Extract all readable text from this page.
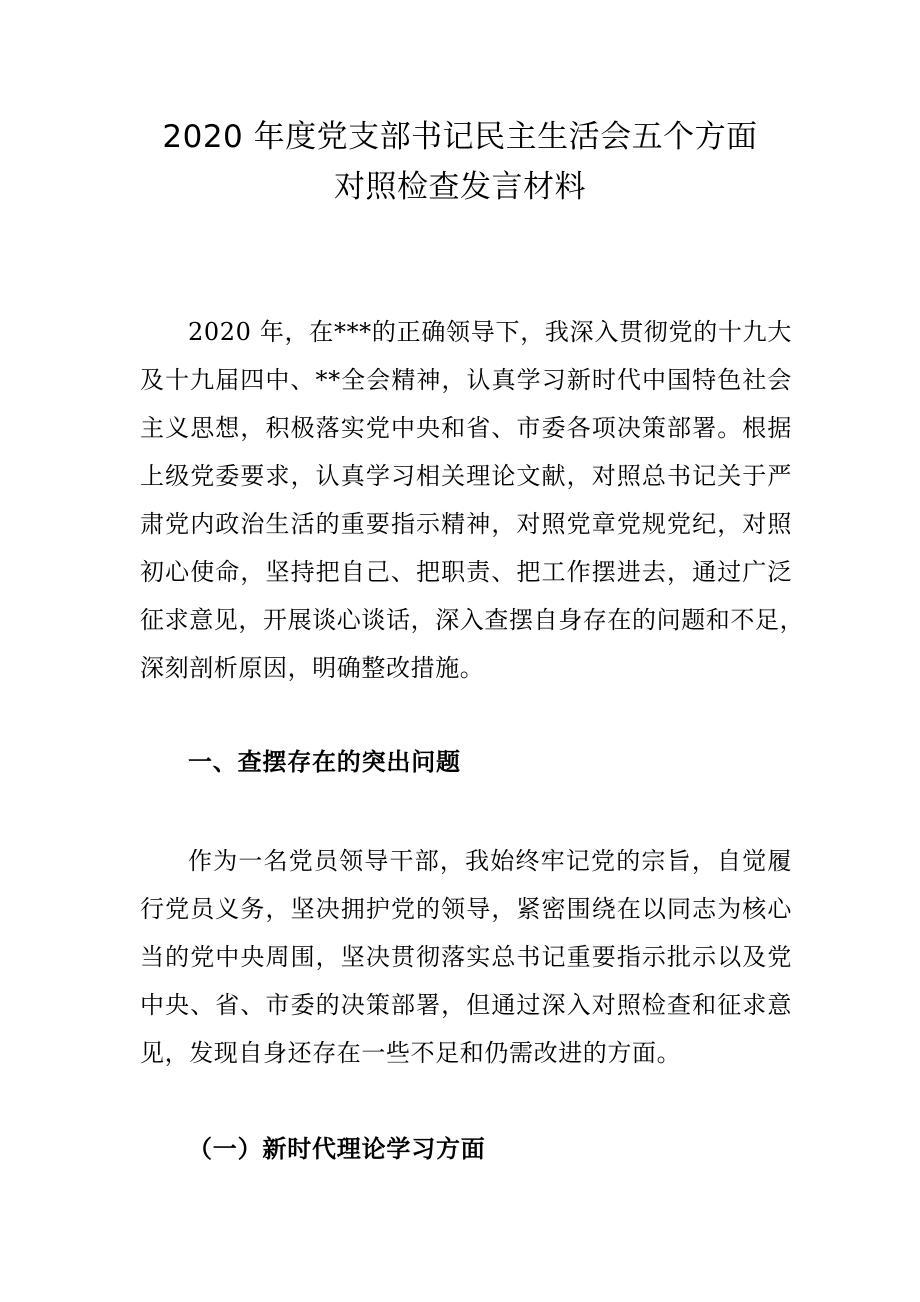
2020 年度党支部书记民主生活会五个方面
对照检查发言材料
2020 年，在***的正确领导下，我深入贯彻党的十九大
及十九届四中、**全会精神，认真学习新时代中国特色社会
主义思想，积极落实党中央和省、市委各项决策部署。根据
上级党委要求，认真学习相关理论文献，对照总书记关于严
肃党内政治生活的重要指示精神，对照党章党规党纪，对照
初心使命，坚持把自己、把职责、把工作摆进去，通过广泛
征求意见，开展谈心谈话，深入查摆自身存在的问题和不足，
深刻剖析原因，明确整改措施。
一、查摆存在的突出问题
作为一名党员领导干部，我始终牢记党的宗旨，自觉履
行党员义务，坚决拥护党的领导，紧密围绕在以同志为核心
当的党中央周围，坚决贯彻落实总书记重要指示批示以及党
中央、省、市委的决策部署，但通过深入对照检查和征求意
见，发现自身还存在一些不足和仍需改进的方面。
（一）新时代理论学习方面
